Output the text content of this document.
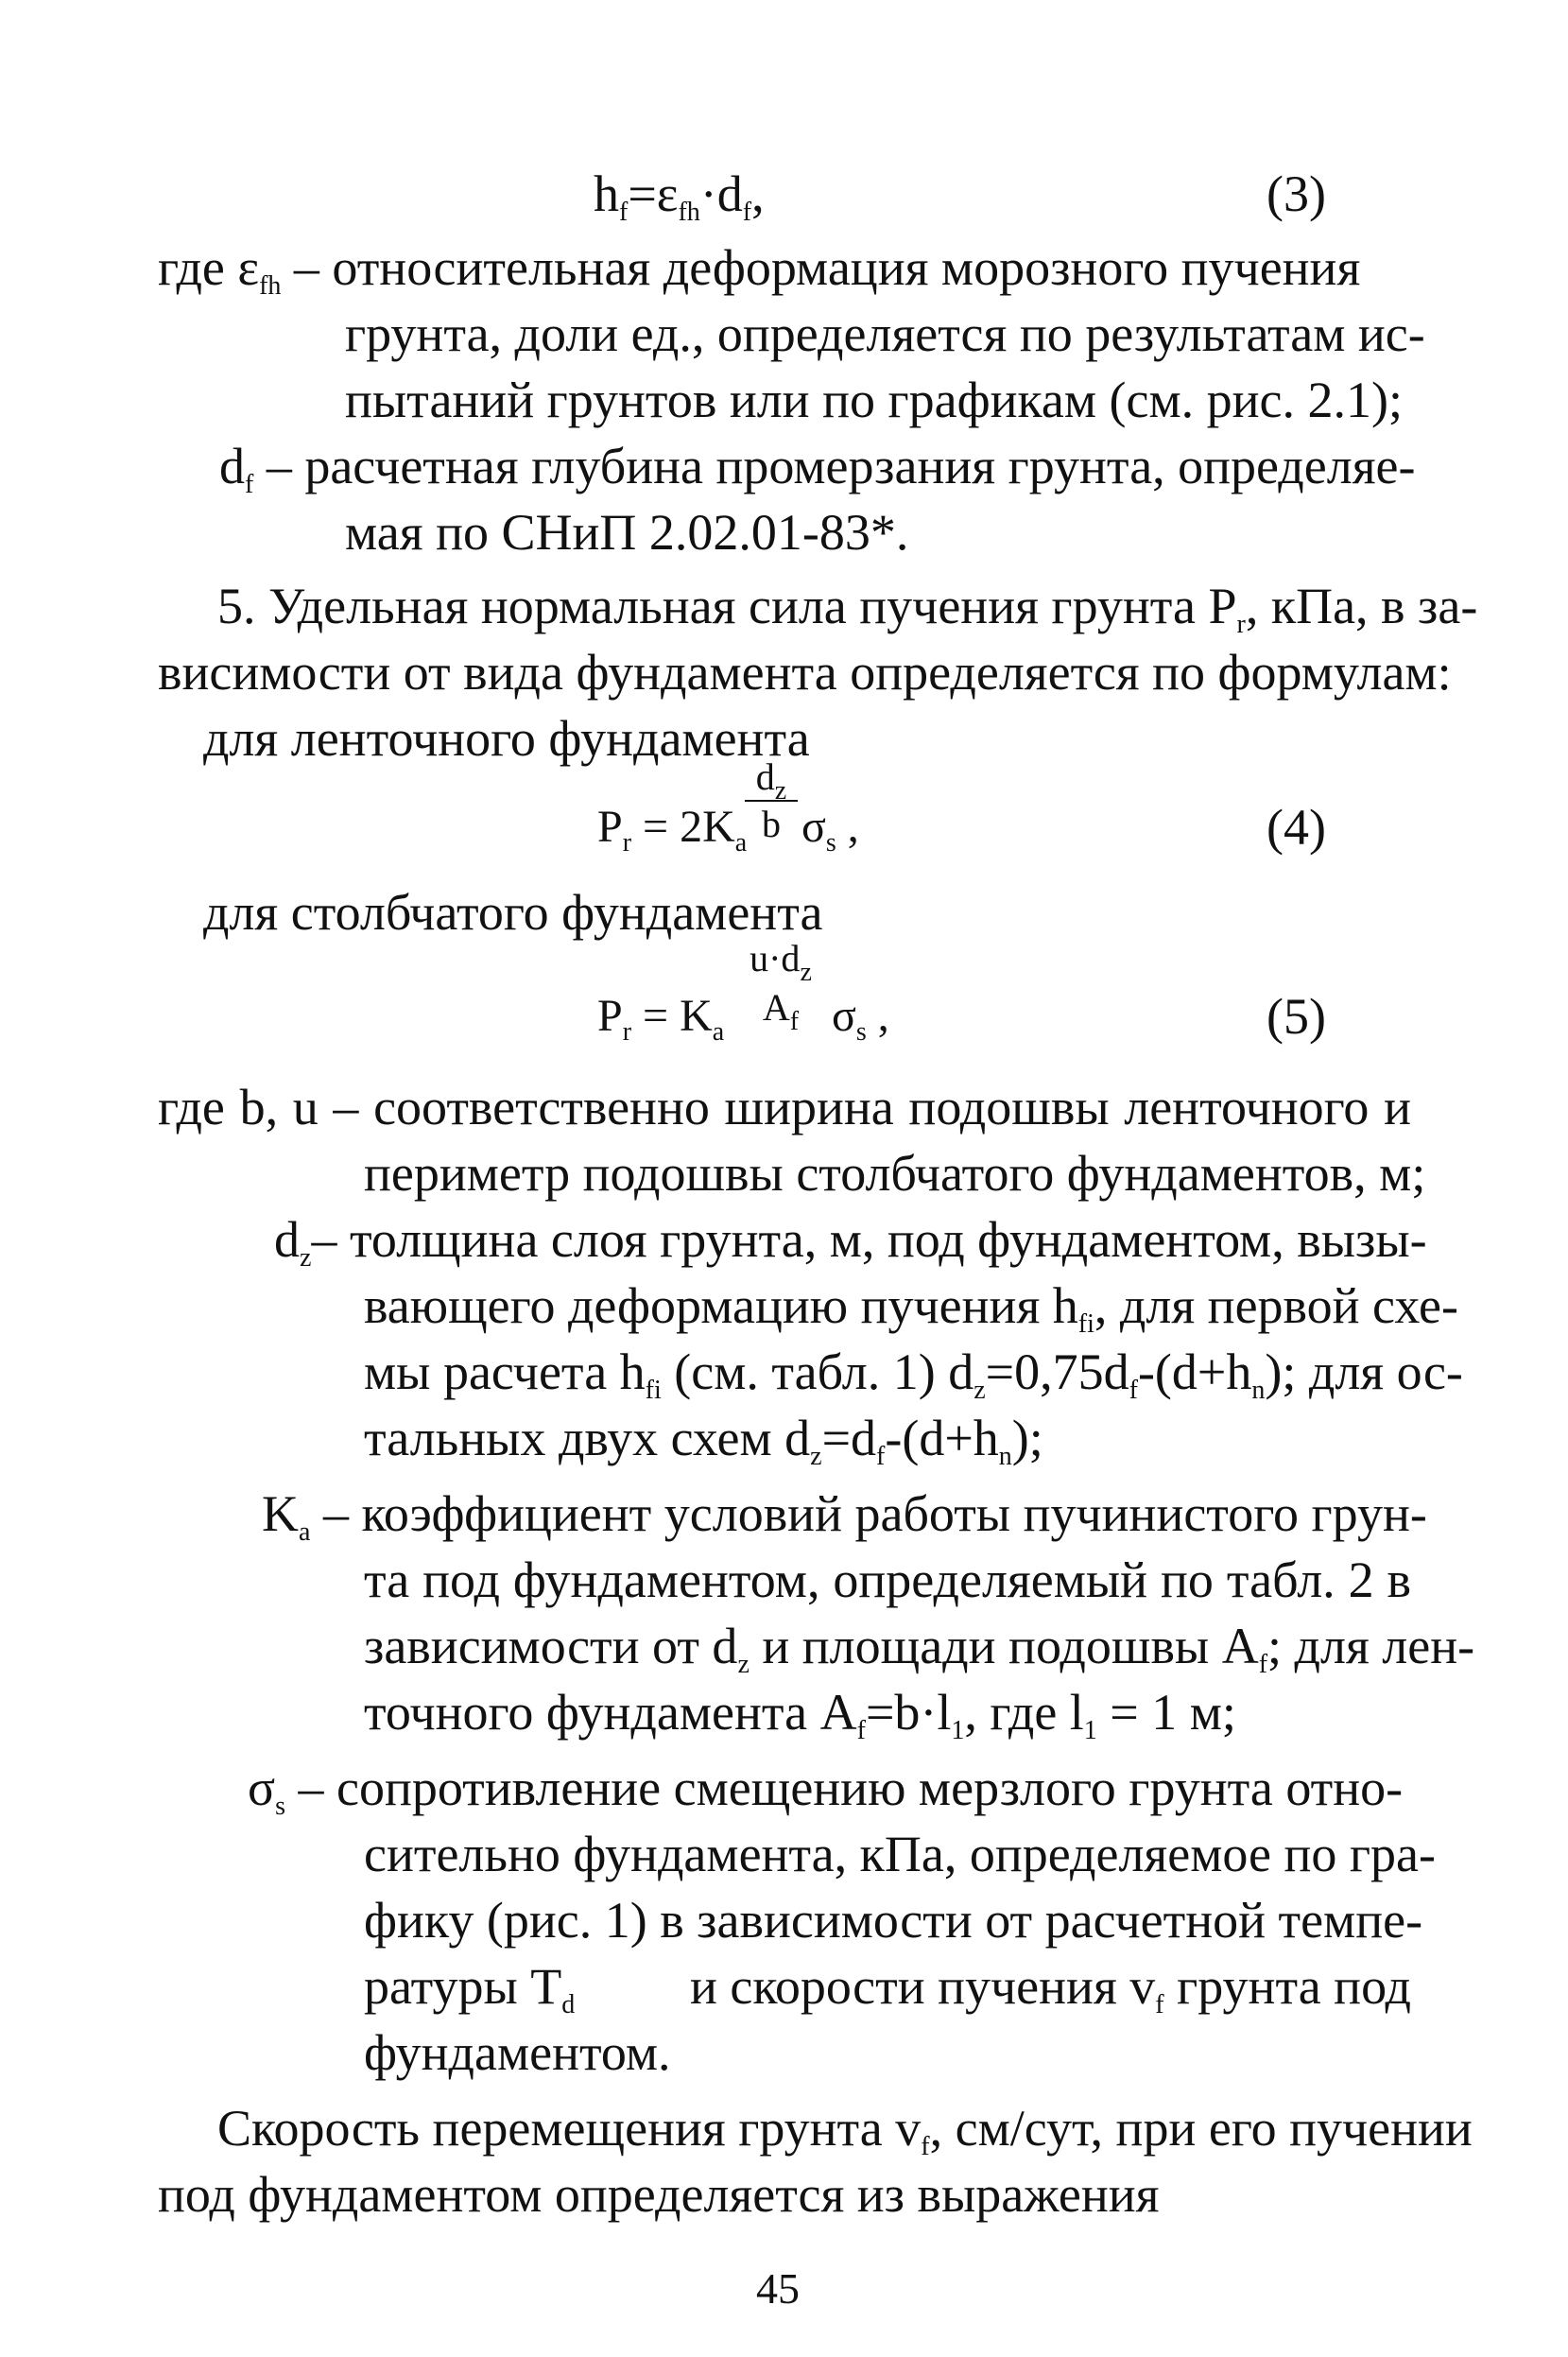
$h_f=\varepsilon_{fh}\cdot d_f$,	(3)
где $\varepsilon_{fh}$ – относительная деформация морозного пучения
грунта, доли ед., определяется по результатам ис-
пытаний грунтов или по графикам (см. рис. 2.1);
$d_f$ – расчетная глубина промерзания грунта, определяе-
мая по СНиП 2.02.01-83*.
5. Удельная нормальная сила пучения грунта $P_r$, кПа, в за-
висимости от вида фундамента определяется по формулам:
для ленточного фундамента
$P_r = 2K_a$
$d_z$
b $\sigma_s$ ,	(4)
для столбчатого фундамента
$P_r = K_a$
$u\cdot d_z$
$A_f$ $\sigma_s$ ,	(5)
где b, u – соответственно ширина подошвы ленточного и
периметр подошвы столбчатого фундаментов, м;
$d_z-$ толщина слоя грунта, м, под фундаментом, вызы-
вающего деформацию пучения $h_{fi}$, для первой схе-
мы расчета $h_{fi}$ (см. табл. 1) $d_z=0,75d_f-(d+h_n)$; для ос-
тальных двух схем $d_z=d_f-(d+h_n)$;
$K_a$ – коэффициент условий работы пучинистого грун-
та под фундаментом, определяемый по табл. 2 в
зависимости от $d_z$ и площади подошвы $A_f$; для лен-
точного фундамента $A_f=b\cdot l_1$, где $l_1 = 1$ м;
$\sigma_s$ – сопротивление смещению мерзлого грунта отно-
сительно фундамента, кПа, определяемое по гра-
фику (рис. 1) в зависимости от расчетной темпе-
ратуры $T_d$ и скорости пучения $v_f$ грунта под
фундаментом.
Скорость перемещения грунта $v_f$, см/сут, при его пучении
под фундаментом определяется из выражения
45
